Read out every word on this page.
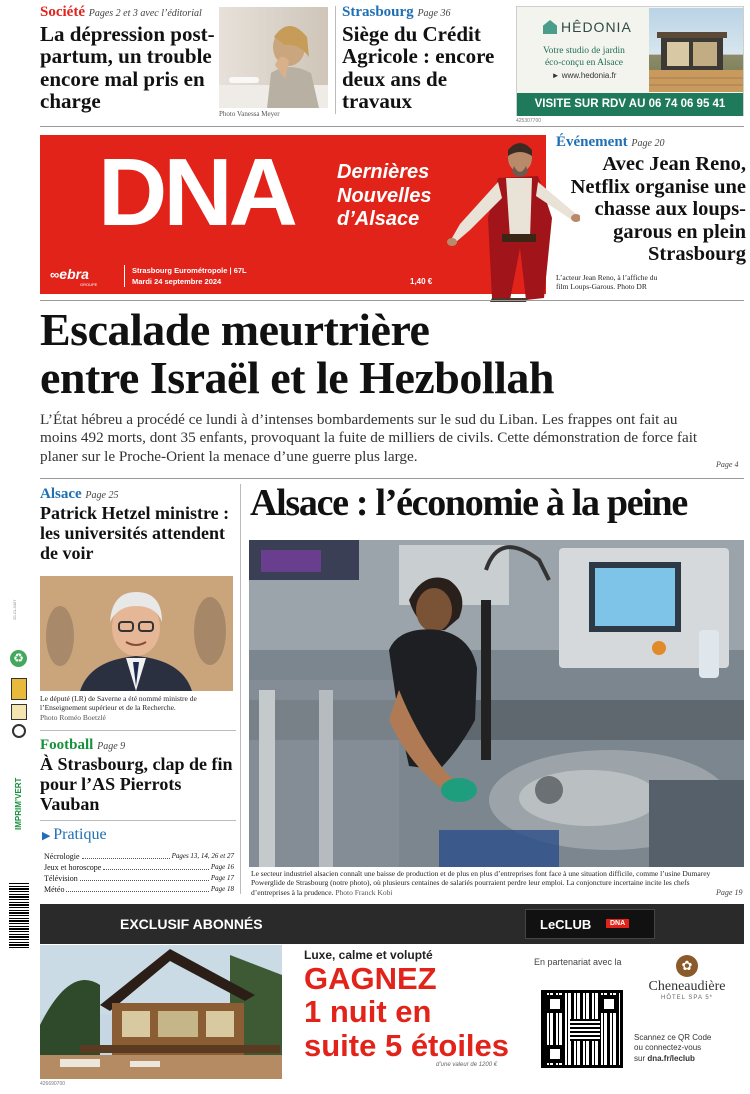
Société Pages 2 et 3 avec l’éditorial
La dépression post-partum, un trouble encore mal pris en charge
Photo Vanessa Meyer
Strasbourg Page 36
Siège du Crédit Agricole : encore deux ans de travaux
HÊDONIA
Votre studio de jardin
éco-conçu en Alsace
► www.hedonia.fr
VISITE SUR RDV AU 06 74 06 95 41
425307700
DNA Dernières
Nouvelles
d’Alsace
∞ebra
GROUPE
Strasbourg Eurométropole | 67L
Mardi 24 septembre 2024	1,40 €
Événement Page 20
Avec Jean Reno, Netflix organise une chasse aux loups-garous en plein Strasbourg
L’acteur Jean Reno, à l’affiche du film Loups-Garous. Photo DR
Escalade meurtrière
entre Israël et le Hezbollah
L’État hébreu a procédé ce lundi à d’intenses bombardements sur le sud du Liban. Les frappes ont fait au moins 492 morts, dont 35 enfants, provoquant la fuite de milliers de civils. Cette démonstration de force fait planer sur le Proche-Orient la menace d’une guerre plus large.	Page 4
Alsace Page 25
Patrick Hetzel ministre : les universités attendent de voir
Le député (LR) de Saverne a été nommé ministre de l’Enseignement supérieur et de la Recherche.
Photo Roméo Boetzlé
Football Page 9
À Strasbourg, clap de fin pour l’AS Pierrots Vauban
▶ Pratique
Nécrologie	Pages 13, 14, 26 et 27
Jeux et horoscope	Page 16
Télévision	Page 17
Météo	Page 18
Alsace : l’économie à la peine
Le secteur industriel alsacien connaît une baisse de production et de plus en plus d’entreprises font face à une situation difficile, comme l’usine Dumarey Powerglide de Strasbourg (notre photo), où plusieurs centaines de salariés pourraient perdre leur emploi. La conjoncture incertaine incite les chefs d’entreprises à la prudence. Photo Franck Kobi	Page 19
20-21-3407
♻
IMPRIM’VERT
EXCLUSIF ABONNÉS	LeCLUB	DNA
426690700
Luxe, calme et volupté
GAGNEZ
1 nuit en
suite 5 étoiles
d’une valeur de 1200 €
En partenariat avec la	✿
Cheneaudière
HÔTEL SPA 5*
Scannez ce QR Code
ou connectez-vous
sur dna.fr/leclub
